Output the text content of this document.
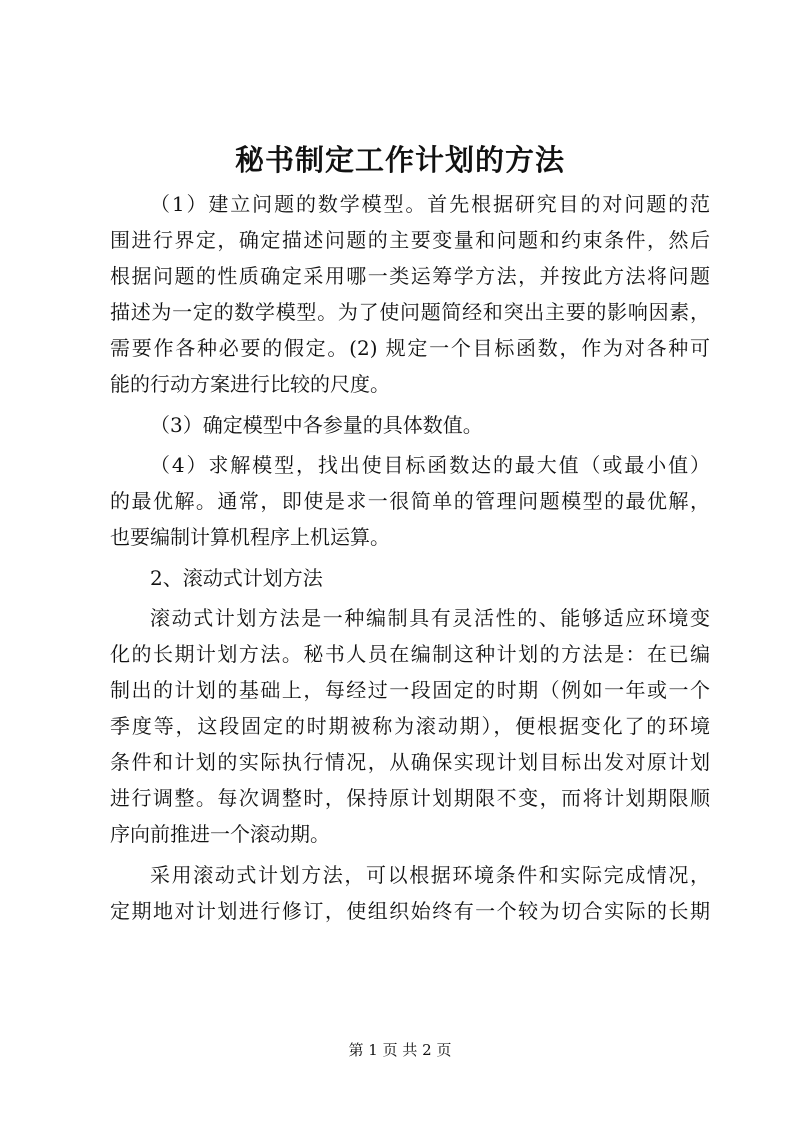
秘书制定工作计划的方法
（1）建立问题的数学模型。首先根据研究目的对问题的范
围进行界定，确定描述问题的主要变量和问题和约束条件，然后
根据问题的性质确定采用哪一类运筹学方法，并按此方法将问题
描述为一定的数学模型。为了使问题简经和突出主要的影响因素，
需要作各种必要的假定。(2) 规定一个目标函数，作为对各种可
能的行动方案进行比较的尺度。
（3）确定模型中各参量的具体数值。
（4）求解模型，找出使目标函数达的最大值（或最小值）
的最优解。通常，即使是求一很简单的管理问题模型的最优解，
也要编制计算机程序上机运算。
2、滚动式计划方法
滚动式计划方法是一种编制具有灵活性的、能够适应环境变
化的长期计划方法。秘书人员在编制这种计划的方法是：在已编
制出的计划的基础上，每经过一段固定的时期（例如一年或一个
季度等，这段固定的时期被称为滚动期），便根据变化了的环境
条件和计划的实际执行情况，从确保实现计划目标出发对原计划
进行调整。每次调整时，保持原计划期限不变，而将计划期限顺
序向前推进一个滚动期。
采用滚动式计划方法，可以根据环境条件和实际完成情况，
定期地对计划进行修订，使组织始终有一个较为切合实际的长期
第 1 页 共 2 页
